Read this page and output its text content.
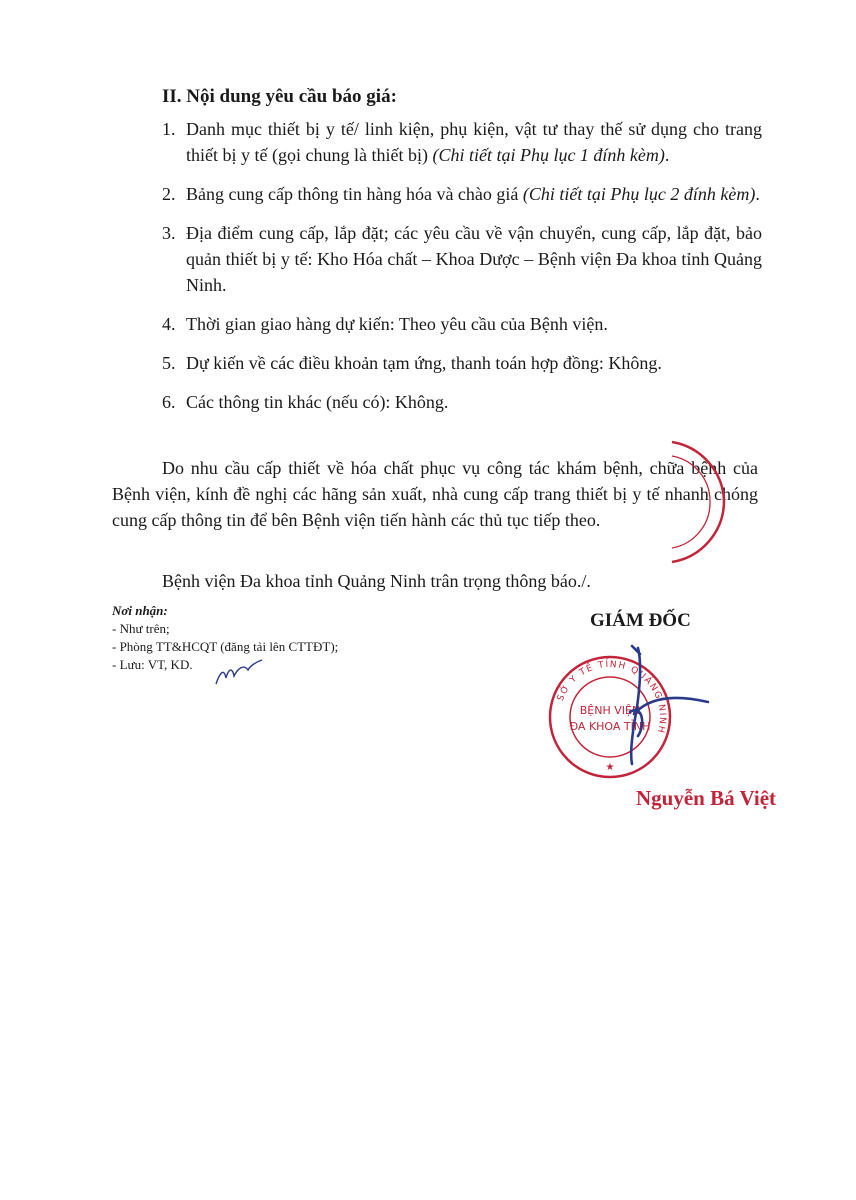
II. Nội dung yêu cầu báo giá:
1. Danh mục thiết bị y tế/ linh kiện, phụ kiện, vật tư thay thế sử dụng cho trang thiết bị y tế (gọi chung là thiết bị) (Chi tiết tại Phụ lục 1 đính kèm).
2. Bảng cung cấp thông tin hàng hóa và chào giá (Chi tiết tại Phụ lục 2 đính kèm).
3. Địa điểm cung cấp, lắp đặt; các yêu cầu về vận chuyển, cung cấp, lắp đặt, bảo quản thiết bị y tế: Kho Hóa chất – Khoa Dược – Bệnh viện Đa khoa tỉnh Quảng Ninh.
4. Thời gian giao hàng dự kiến: Theo yêu cầu của Bệnh viện.
5. Dự kiến về các điều khoản tạm ứng, thanh toán hợp đồng: Không.
6. Các thông tin khác (nếu có): Không.
Do nhu cầu cấp thiết về hóa chất phục vụ công tác khám bệnh, chữa bệnh của Bệnh viện, kính đề nghị các hãng sản xuất, nhà cung cấp trang thiết bị y tế nhanh chóng cung cấp thông tin để bên Bệnh viện tiến hành các thủ tục tiếp theo.
Bệnh viện Đa khoa tỉnh Quảng Ninh trân trọng thông báo./.
Nơi nhận:
- Như trên;
- Phòng TT&HCQT (đăng tải lên CTTĐT);
- Lưu: VT, KD.
GIÁM ĐỐC
SỞ Y TẾ TỈNH QUẢNG NINH
BỆNH VIỆN
ĐA KHOA TỈNH
★
Nguyễn Bá Việt
